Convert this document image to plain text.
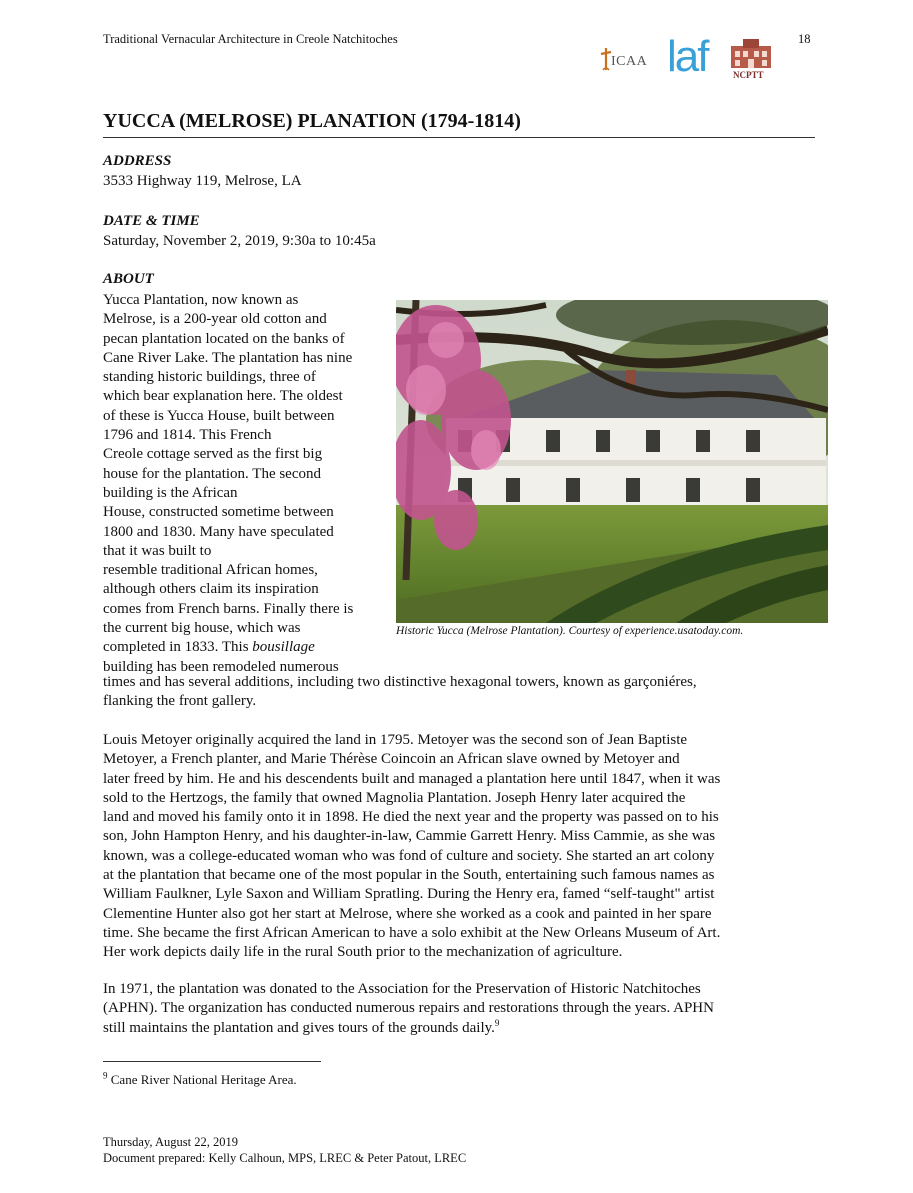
Traditional Vernacular Architecture in Creole Natchitoches	18
ICAA laf	NCPTT
YUCCA (MELROSE) PLANATION (1794-1814)
ADDRESS
3533 Highway 119, Melrose, LA
DATE & TIME
Saturday, November 2, 2019, 9:30a to 10:45a
ABOUT
Yucca Plantation, now known as
Melrose, is a 200-year old cotton and
pecan plantation located on the banks of
Cane River Lake. The plantation has nine
standing historic buildings, three of
which bear explanation here. The oldest
of these is Yucca House, built between
1796 and 1814. This French
Creole cottage served as the first big
house for the plantation. The second
building is the African
House, constructed sometime between
1800 and 1830. Many have speculated
that it was built to
resemble traditional African homes,
although others claim its inspiration
comes from French barns. Finally there is
the current big house, which was
completed in 1833. This bousillage
building has been remodeled numerous
times and has several additions, including two distinctive hexagonal towers, known as garçoniéres,
flanking the front gallery.
Historic Yucca (Melrose Plantation). Courtesy of experience.usatoday.com.
Louis Metoyer originally acquired the land in 1795. Metoyer was the second son of Jean Baptiste
Metoyer, a French planter, and Marie Thérèse Coincoin an African slave owned by Metoyer and
later freed by him. He and his descendents built and managed a plantation here until 1847, when it was
sold to the Hertzogs, the family that owned Magnolia Plantation. Joseph Henry later acquired the
land and moved his family onto it in 1898. He died the next year and the property was passed on to his
son, John Hampton Henry, and his daughter-in-law, Cammie Garrett Henry. Miss Cammie, as she was
known, was a college-educated woman who was fond of culture and society. She started an art colony
at the plantation that became one of the most popular in the South, entertaining such famous names as
William Faulkner, Lyle Saxon and William Spratling. During the Henry era, famed “self-taught" artist
Clementine Hunter also got her start at Melrose, where she worked as a cook and painted in her spare
time. She became the first African American to have a solo exhibit at the New Orleans Museum of Art.
Her work depicts daily life in the rural South prior to the mechanization of agriculture.
In 1971, the plantation was donated to the Association for the Preservation of Historic Natchitoches
(APHN). The organization has conducted numerous repairs and restorations through the years. APHN
still maintains the plantation and gives tours of the grounds daily.$^9$
$^9$ Cane River National Heritage Area.
Thursday, August 22, 2019
Document prepared: Kelly Calhoun, MPS, LREC & Peter Patout, LREC
